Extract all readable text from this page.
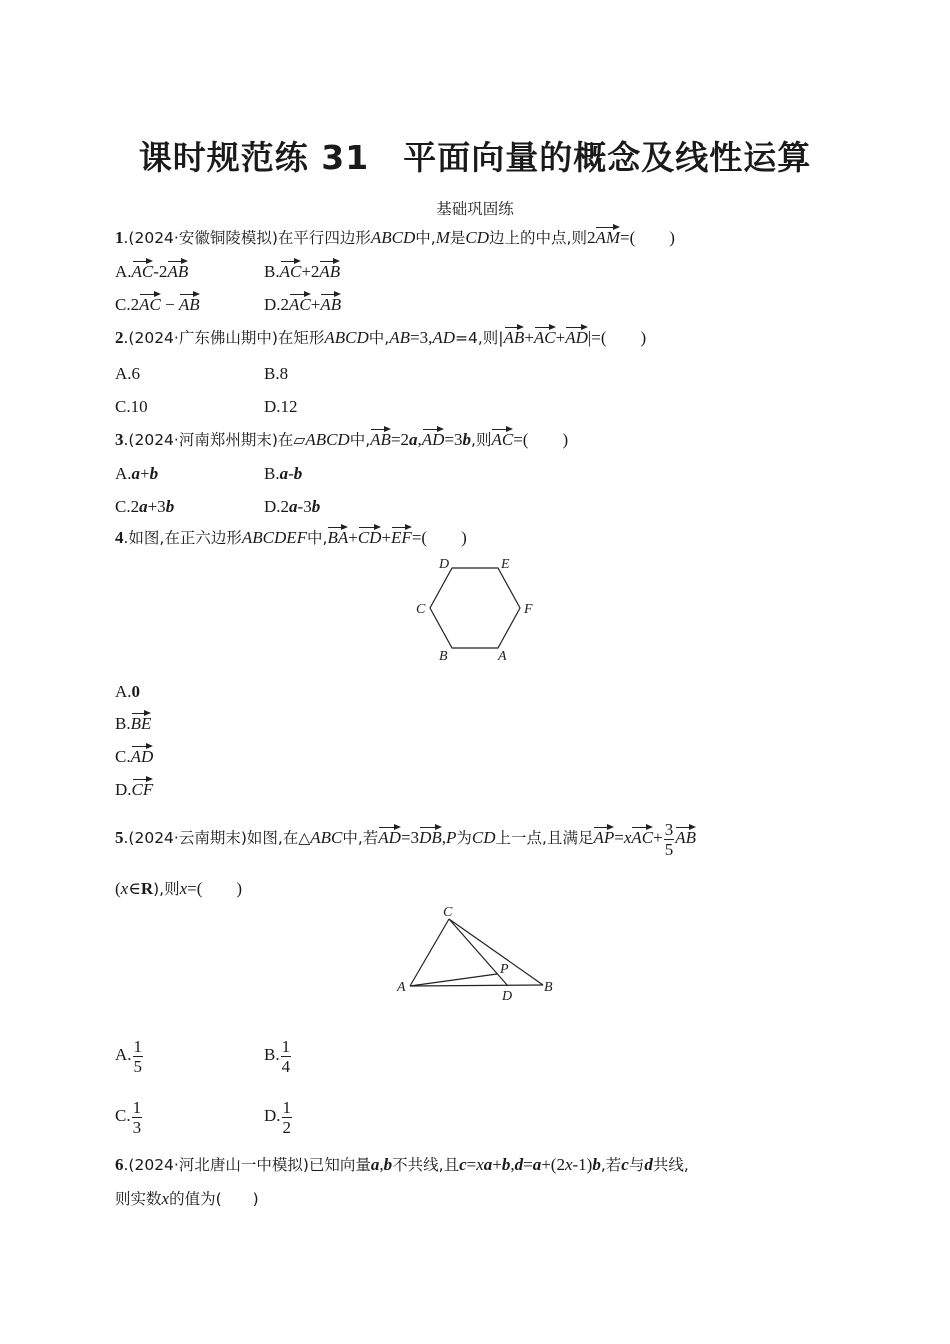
课时规范练 31　平面向量的概念及线性运算
基础巩固练
1.(2024·安徽铜陵模拟)在平行四边形ABCD中,M是CD边上的中点,则2AM=(　　)
A.AC-2AB	B.AC+2AB
C.2AC − AB	D.2AC+AB
2.(2024·广东佛山期中)在矩形ABCD中,AB=3,AD=4,则|AB+AC+AD|=(　　)
A.6	B.8
C.10	D.12
3.(2024·河南郑州期末)在▱ABCD中,AB=2a,AD=3b,则AC=(　　)
A.a+b	B.a-b
C.2a+3b	D.2a-3b
4.如图,在正六边形ABCDEF中,BA+CD+EF=(　　)
D	E
C	F
B	A
A.0
B.BE
C.AD
D.CF
5.(2024·云南期末)如图,在△ABC中,若AD=3DB,P为CD上一点,且满足$AP=xAC+ \frac{3}{5}$ AB
(x∈R),则x=(　　)
C
A	B
D
P
A. $\frac{1}{5}$	B. $\frac{1}{4}$
C. $\frac{1}{3}$	D. $\frac{1}{2}$
6.(2024·河北唐山一中模拟)已知向量a,b不共线,且c=xa+b,d=a+(2x-1)b,若c与d共线,
则实数x的值为(　　)
